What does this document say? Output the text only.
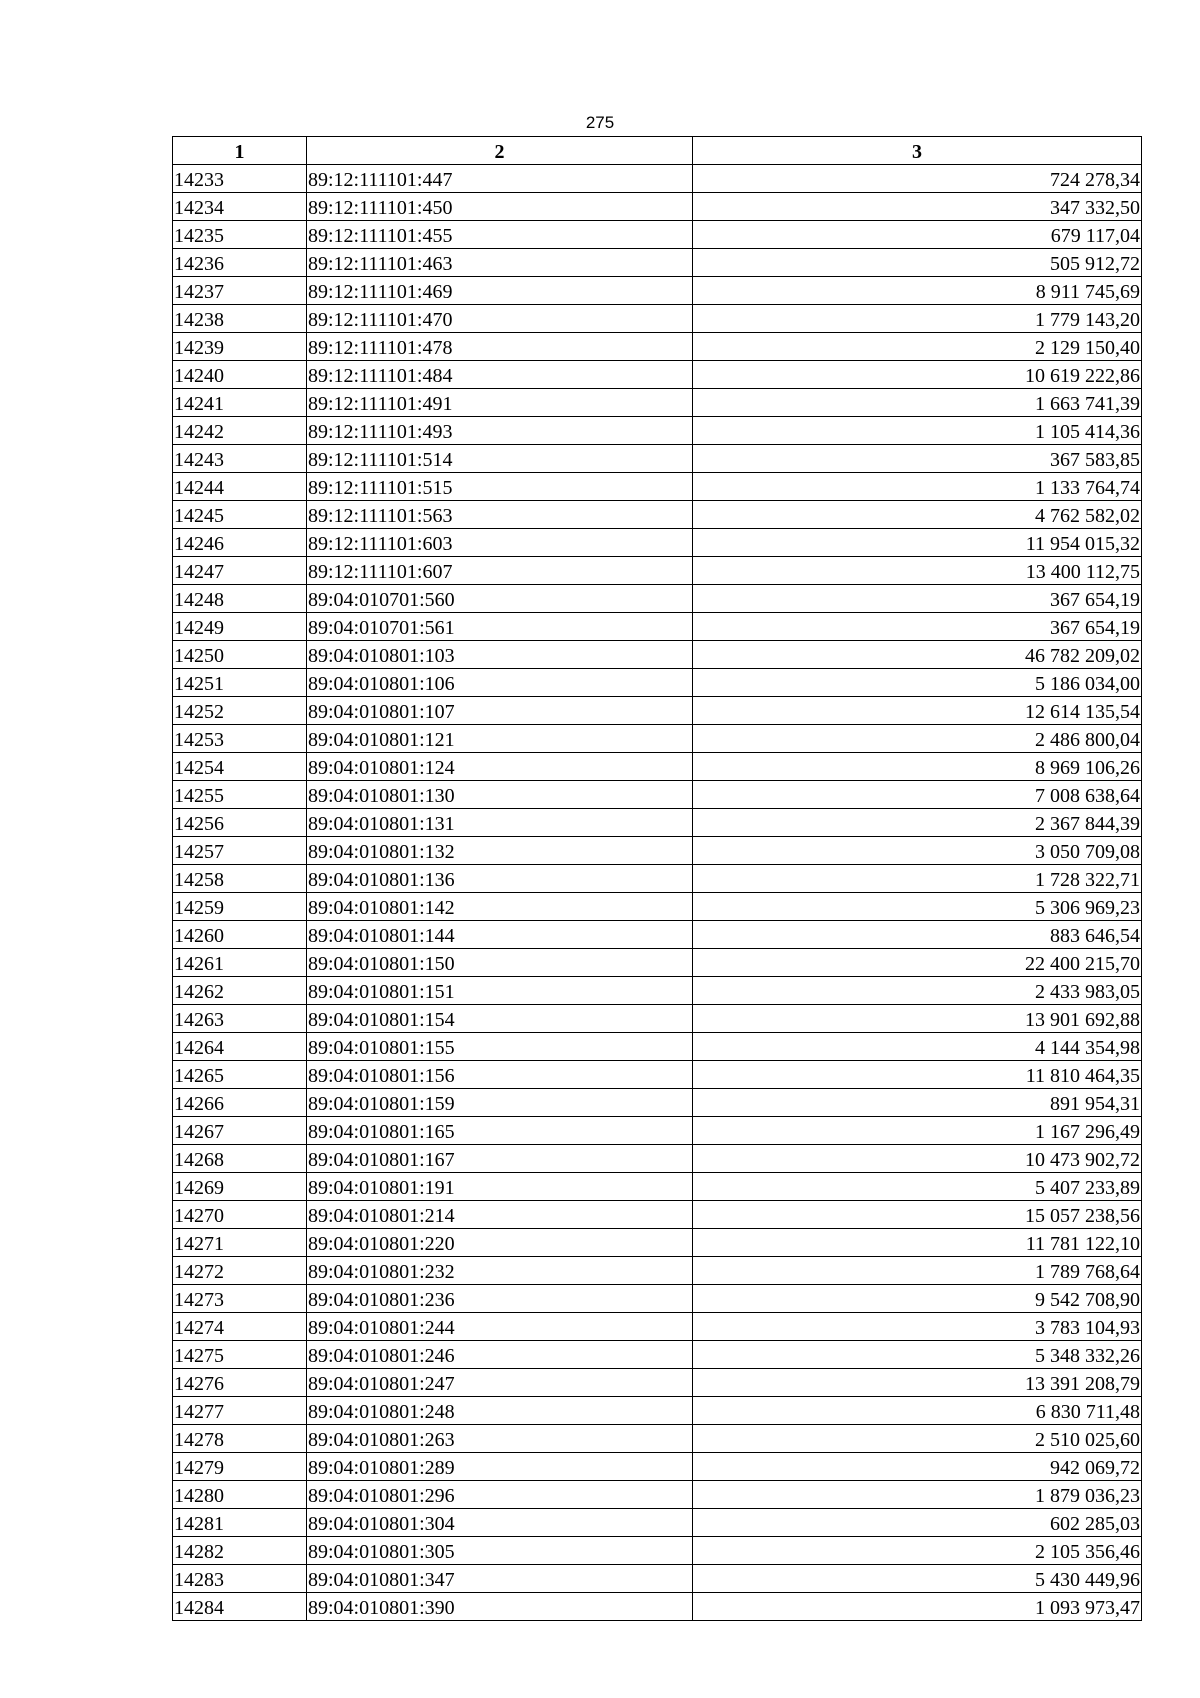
275
1	2	3
14233	89:12:111101:447	724 278,34
14234	89:12:111101:450	347 332,50
14235	89:12:111101:455	679 117,04
14236	89:12:111101:463	505 912,72
14237	89:12:111101:469	8 911 745,69
14238	89:12:111101:470	1 779 143,20
14239	89:12:111101:478	2 129 150,40
14240	89:12:111101:484	10 619 222,86
14241	89:12:111101:491	1 663 741,39
14242	89:12:111101:493	1 105 414,36
14243	89:12:111101:514	367 583,85
14244	89:12:111101:515	1 133 764,74
14245	89:12:111101:563	4 762 582,02
14246	89:12:111101:603	11 954 015,32
14247	89:12:111101:607	13 400 112,75
14248	89:04:010701:560	367 654,19
14249	89:04:010701:561	367 654,19
14250	89:04:010801:103	46 782 209,02
14251	89:04:010801:106	5 186 034,00
14252	89:04:010801:107	12 614 135,54
14253	89:04:010801:121	2 486 800,04
14254	89:04:010801:124	8 969 106,26
14255	89:04:010801:130	7 008 638,64
14256	89:04:010801:131	2 367 844,39
14257	89:04:010801:132	3 050 709,08
14258	89:04:010801:136	1 728 322,71
14259	89:04:010801:142	5 306 969,23
14260	89:04:010801:144	883 646,54
14261	89:04:010801:150	22 400 215,70
14262	89:04:010801:151	2 433 983,05
14263	89:04:010801:154	13 901 692,88
14264	89:04:010801:155	4 144 354,98
14265	89:04:010801:156	11 810 464,35
14266	89:04:010801:159	891 954,31
14267	89:04:010801:165	1 167 296,49
14268	89:04:010801:167	10 473 902,72
14269	89:04:010801:191	5 407 233,89
14270	89:04:010801:214	15 057 238,56
14271	89:04:010801:220	11 781 122,10
14272	89:04:010801:232	1 789 768,64
14273	89:04:010801:236	9 542 708,90
14274	89:04:010801:244	3 783 104,93
14275	89:04:010801:246	5 348 332,26
14276	89:04:010801:247	13 391 208,79
14277	89:04:010801:248	6 830 711,48
14278	89:04:010801:263	2 510 025,60
14279	89:04:010801:289	942 069,72
14280	89:04:010801:296	1 879 036,23
14281	89:04:010801:304	602 285,03
14282	89:04:010801:305	2 105 356,46
14283	89:04:010801:347	5 430 449,96
14284	89:04:010801:390	1 093 973,47
